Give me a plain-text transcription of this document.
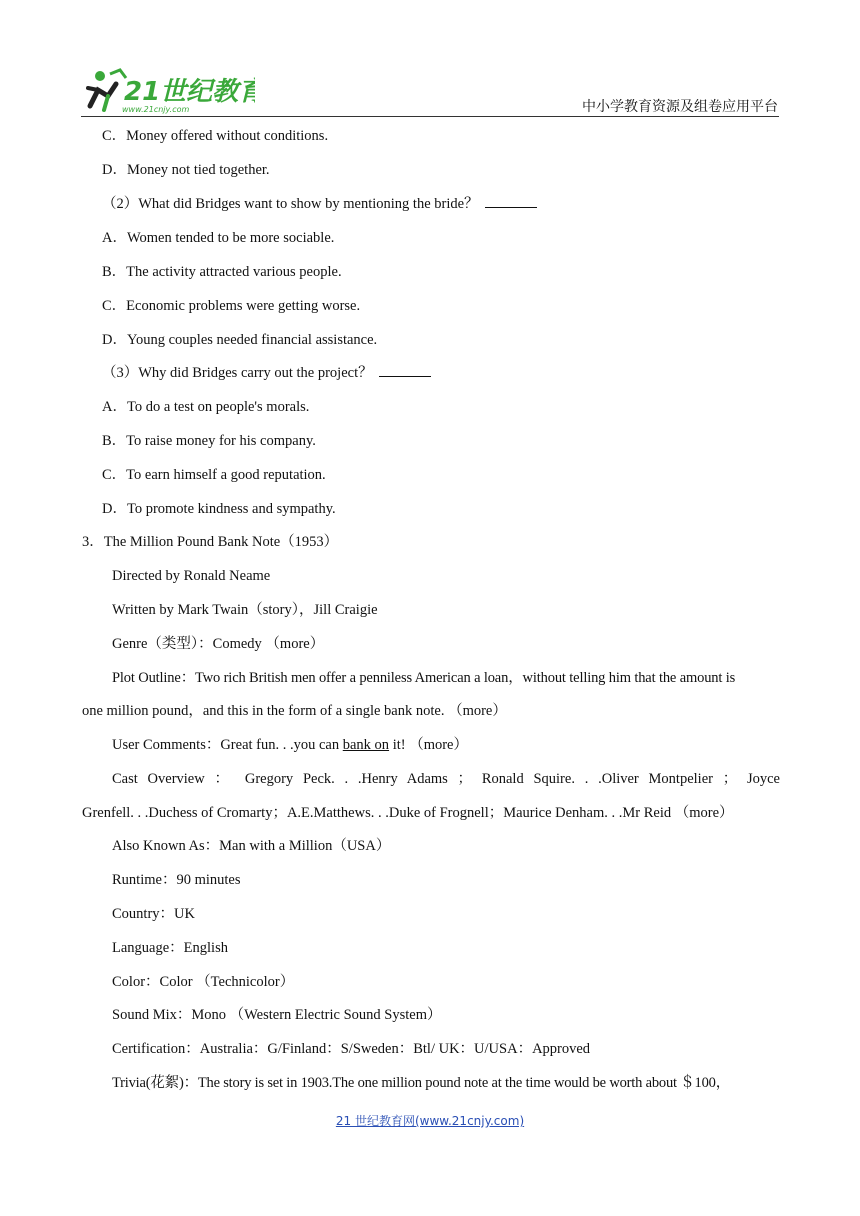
21世纪教育
www.21cnjy.com	中小学教育资源及组卷应用平台
C．Money offered without conditions.
D．Money not tied together.
（2）What did Bridges want to show by mentioning the bride？
A．Women tended to be more sociable.
B．The activity attracted various people.
C．Economic problems were getting worse.
D．Young couples needed financial assistance.
（3）Why did Bridges carry out the project？
A．To do a test on people's morals.
B．To raise money for his company.
C．To earn himself a good reputation.
D．To promote kindness and sympathy.
3．The Million Pound Bank Note（1953）
Directed by Ronald Neame
Written by Mark Twain（story），Jill Craigie
Genre（类型）：Comedy （more）
Plot Outline：Two rich British men offer a penniless American a loan，without telling him that the amount is
one million pound，and this in the form of a single bank note. （more）
User Comments：Great fun. . .you can bank on it! （more）
Cast Overview ： Gregory Peck. . .Henry Adams ； Ronald Squire. . .Oliver Montpelier ； Joyce
Grenfell. . .Duchess of Cromarty；A.E.Matthews. . .Duke of Frognell；Maurice Denham. . .Mr Reid （more）
Also Known As：Man with a Million（USA）
Runtime：90 minutes
Country：UK
Language：English
Color：Color （Technicolor）
Sound Mix：Mono （Western Electric Sound System）
Certification：Australia：G/Finland：S/Sweden：Btl/ UK：U/USA：Approved
Trivia(花絮)：The story is set in 1903.The one million pound note at the time would be worth about ＄100，
21 世纪教育网(www.21cnjy.com)
